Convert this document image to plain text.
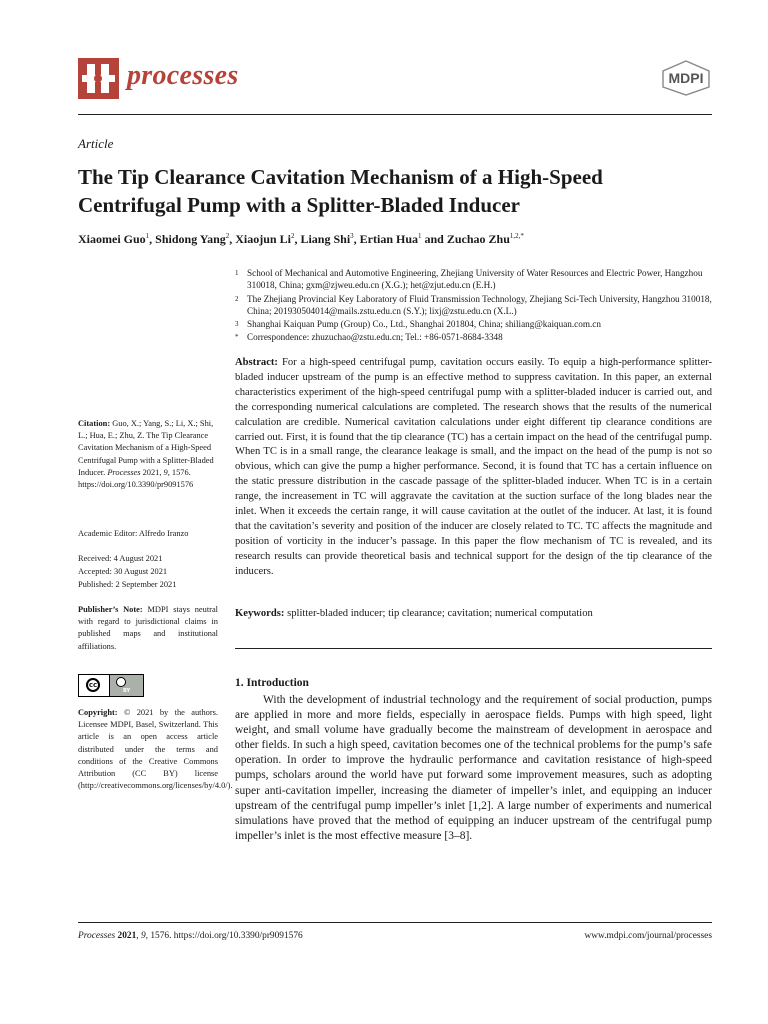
processes	MDPI
Article
The Tip Clearance Cavitation Mechanism of a High-Speed Centrifugal Pump with a Splitter-Bladed Inducer
Xiaomei Guo$^1$, Shidong Yang$^2$, Xiaojun Li$^2$, Liang Shi$^3$, Ertian Hua$^1$ and Zuchao Zhu$^{1,2,*}$
1 School of Mechanical and Automotive Engineering, Zhejiang University of Water Resources and Electric Power, Hangzhou 310018, China; gxm@zjweu.edu.cn (X.G.); het@zjut.edu.cn (E.H.)
2 The Zhejiang Provincial Key Laboratory of Fluid Transmission Technology, Zhejiang Sci-Tech University, Hangzhou 310018, China; 201930504014@mails.zstu.edu.cn (S.Y.); lixj@zstu.edu.cn (X.L.)
3 Shanghai Kaiquan Pump (Group) Co., Ltd., Shanghai 201804, China; shiliang@kaiquan.com.cn
* Correspondence: zhuzuchao@zstu.edu.cn; Tel.: +86-0571-8684-3348
Abstract: For a high-speed centrifugal pump, cavitation occurs easily. To equip a high-performance splitter-bladed inducer upstream of the pump is an effective method to suppress cavitation. In this paper, an external characteristics experiment of the high-speed centrifugal pump with a splitter-bladed inducer is carried out, and the corresponding numerical calculations are completed. The research shows that the results of the numerical calculation are credible. Numerical cavitation calculations under eight different tip clearance conditions are carried out. First, it is found that the tip clearance (TC) has a certain impact on the head of the centrifugal pump. When TC is in a small range, the clearance leakage is small, and the impact on the head of the pump is not so obvious, which can give the pump a higher performance. Second, it is found that TC has a certain influence on the static pressure distribution in the cascade passage of the splitter-bladed inducer. When TC is in a certain range, the increasement in TC will aggravate the cavitation at the suction surface of the long blades near the inlet. When it exceeds the certain range, it will cause cavitation at the outlet of the inducer. At last, it is found that the cavitation’s severity and position of the inducer are closely related to TC. TC affects the magnitude and position of vorticity in the inducer’s passage. In this paper the flow mechanism of TC is revealed, and its research results can provide theoretical basis and technical support for the design of the tip clearance of the inducers.
Keywords: splitter-bladed inducer; tip clearance; cavitation; numerical computation
Citation: Guo, X.; Yang, S.; Li, X.; Shi, L.; Hua, E.; Zhu, Z. The Tip Clearance Cavitation Mechanism of a High-Speed Centrifugal Pump with a Splitter-Bladed Inducer. Processes 2021, 9, 1576. https://doi.org/10.3390/pr9091576
Academic Editor: Alfredo Iranzo
Received: 4 August 2021
Accepted: 30 August 2021
Published: 2 September 2021
Publisher’s Note: MDPI stays neutral with regard to jurisdictional claims in published maps and institutional affiliations.
cc
BY
Copyright: © 2021 by the authors. Licensee MDPI, Basel, Switzerland. This article is an open access article distributed under the terms and conditions of the Creative Commons Attribution (CC BY) license (http://creativecommons.org/licenses/by/4.0/).
1. Introduction
With the development of industrial technology and the requirement of social production, pumps are applied in more and more fields, especially in aerospace fields. Pumps with high speed, light weight, and small volume have gradually become the mainstream of development in aerospace and other fields. In such a high speed, cavitation becomes one of the technical problems for the pump’s safe operation. In order to improve the hydraulic performance and cavitation resistance of high-speed pumps, scholars around the world have put forward some improvement measures, such as adopting super anti-cavitation impeller, increasing the diameter of impeller’s inlet, and equipping an inducer upstream of the centrifugal pump impeller’s inlet [1,2]. A large number of experiments and numerical simulations have proved that the method of equipping an inducer upstream of the centrifugal pump impeller’s inlet is the most effective measure [3–8].
Processes 2021, 9, 1576. https://doi.org/10.3390/pr9091576	www.mdpi.com/journal/processes
